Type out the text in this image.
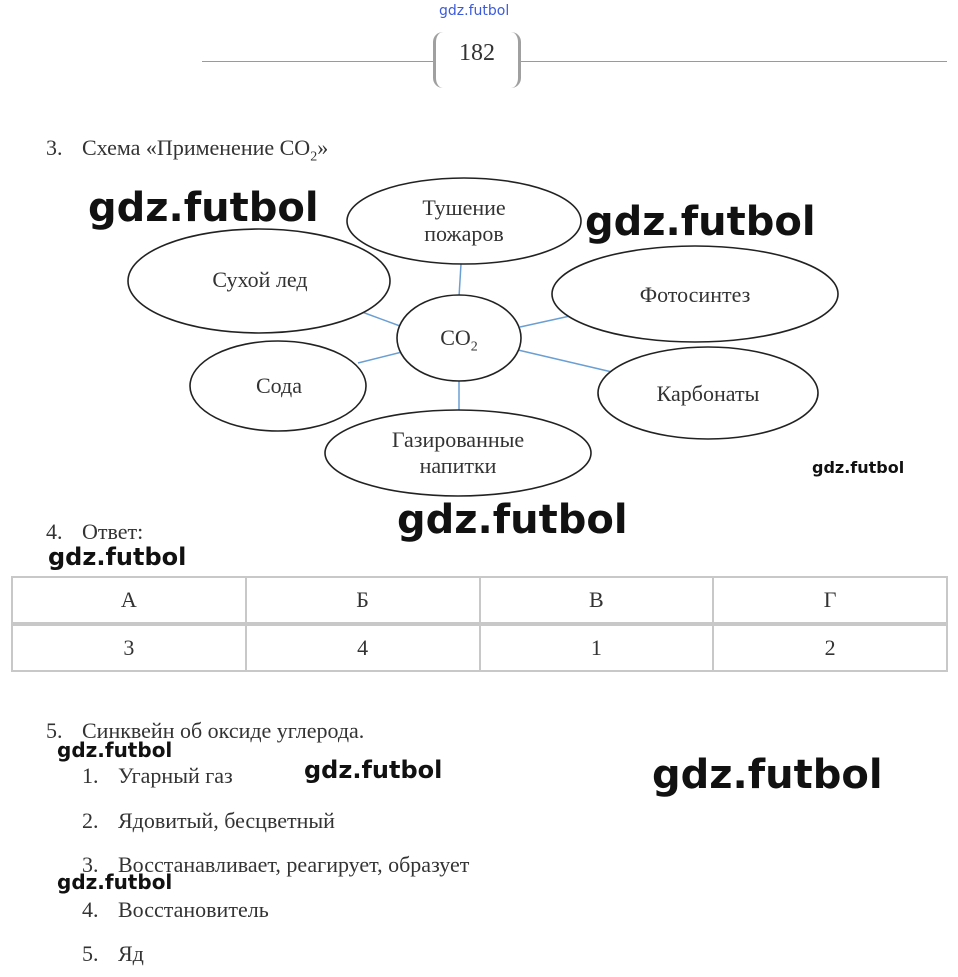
gdz.futbol
182
3. Схема «Применение $CO_2$»
Тушение
пожаров
Сухой лед
Фотосинтез
Сода	Карбонаты
Газированные
напитки
$CO_2$
4. Ответ:
А	Б	В	Г
3	4	1	2
5. Синквейн об оксиде углерода.
1. Угарный газ
2. Ядовитый, бесцветный
3. Восстанавливает, реагирует, образует
4. Восстановитель
5. Яд
gdz.futbol	gdz.futbol
gdz.futbol
gdz.futbol
gdz.futbol
gdz.futbol
gdz.futbol	gdz.futbol
gdz.futbol
